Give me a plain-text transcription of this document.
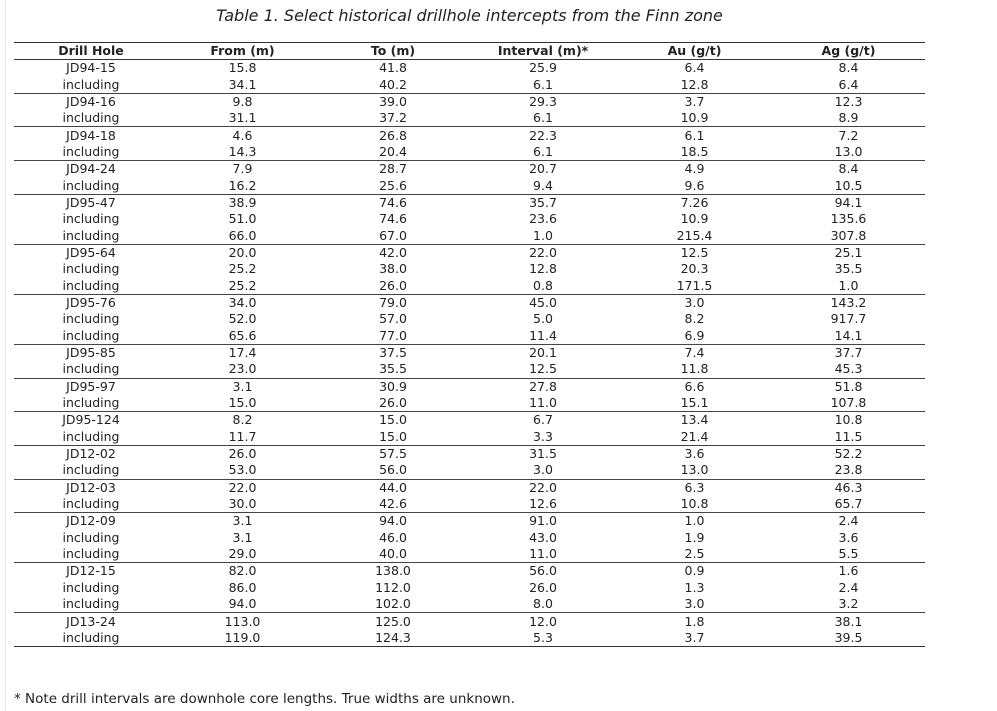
Table 1. Select historical drillhole intercepts from the Finn zone
Drill Hole	From (m)	To (m)	Interval (m)*	Au (g/t)	Ag (g/t)
JD94-15	15.8	41.8	25.9	6.4	8.4
including	34.1	40.2	6.1	12.8	6.4
JD94-16	9.8	39.0	29.3	3.7	12.3
including	31.1	37.2	6.1	10.9	8.9
JD94-18	4.6	26.8	22.3	6.1	7.2
including	14.3	20.4	6.1	18.5	13.0
JD94-24	7.9	28.7	20.7	4.9	8.4
including	16.2	25.6	9.4	9.6	10.5
JD95-47	38.9	74.6	35.7	7.26	94.1
including	51.0	74.6	23.6	10.9	135.6
including	66.0	67.0	1.0	215.4	307.8
JD95-64	20.0	42.0	22.0	12.5	25.1
including	25.2	38.0	12.8	20.3	35.5
including	25.2	26.0	0.8	171.5	1.0
JD95-76	34.0	79.0	45.0	3.0	143.2
including	52.0	57.0	5.0	8.2	917.7
including	65.6	77.0	11.4	6.9	14.1
JD95-85	17.4	37.5	20.1	7.4	37.7
including	23.0	35.5	12.5	11.8	45.3
JD95-97	3.1	30.9	27.8	6.6	51.8
including	15.0	26.0	11.0	15.1	107.8
JD95-124	8.2	15.0	6.7	13.4	10.8
including	11.7	15.0	3.3	21.4	11.5
JD12-02	26.0	57.5	31.5	3.6	52.2
including	53.0	56.0	3.0	13.0	23.8
JD12-03	22.0	44.0	22.0	6.3	46.3
including	30.0	42.6	12.6	10.8	65.7
JD12-09	3.1	94.0	91.0	1.0	2.4
including	3.1	46.0	43.0	1.9	3.6
including	29.0	40.0	11.0	2.5	5.5
JD12-15	82.0	138.0	56.0	0.9	1.6
including	86.0	112.0	26.0	1.3	2.4
including	94.0	102.0	8.0	3.0	3.2
JD13-24	113.0	125.0	12.0	1.8	38.1
including	119.0	124.3	5.3	3.7	39.5
* Note drill intervals are downhole core lengths. True widths are unknown.
